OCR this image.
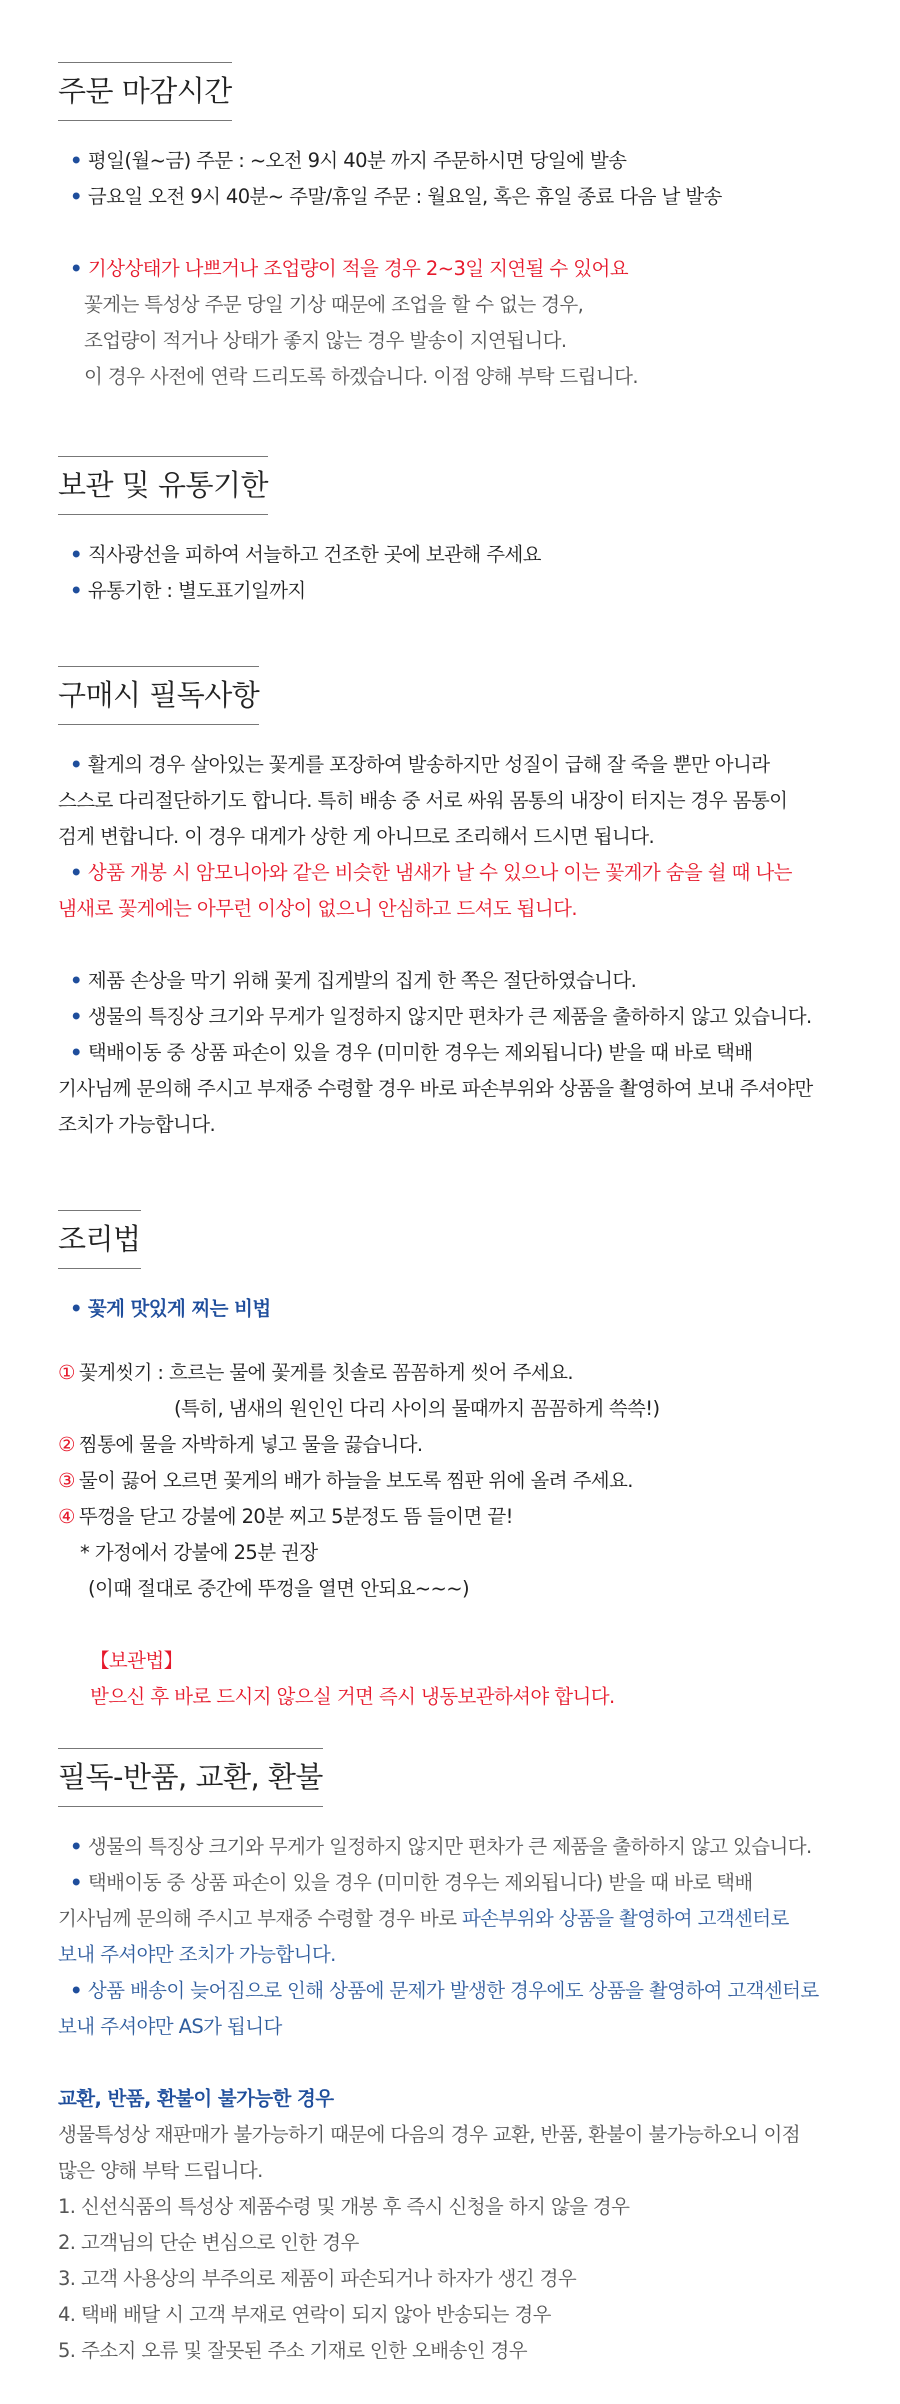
주문 마감시간
• 평일(월~금) 주문 : ~오전 9시 40분 까지 주문하시면 당일에 발송
• 금요일 오전 9시 40분~ 주말/휴일 주문 : 월요일, 혹은 휴일 종료 다음 날 발송
• 기상상태가 나쁘거나 조업량이 적을 경우 2~3일 지연될 수 있어요
꽃게는 특성상 주문 당일 기상 때문에 조업을 할 수 없는 경우,
조업량이 적거나 상태가 좋지 않는 경우 발송이 지연됩니다.
이 경우 사전에 연락 드리도록 하겠습니다. 이점 양해 부탁 드립니다.
보관 및 유통기한
• 직사광선을 피하여 서늘하고 건조한 곳에 보관해 주세요
• 유통기한 : 별도표기일까지
구매시 필독사항
• 활게의 경우 살아있는 꽃게를 포장하여 발송하지만 성질이 급해 잘 죽을 뿐만 아니라
스스로 다리절단하기도 합니다. 특히 배송 중 서로 싸워 몸통의 내장이 터지는 경우 몸통이
검게 변합니다. 이 경우 대게가 상한 게 아니므로 조리해서 드시면 됩니다.
• 상품 개봉 시 암모니아와 같은 비슷한 냄새가 날 수 있으나 이는 꽃게가 숨을 쉴 때 나는
냄새로 꽃게에는 아무런 이상이 없으니 안심하고 드셔도 됩니다.
• 제품 손상을 막기 위해 꽃게 집게발의 집게 한 쪽은 절단하였습니다.
• 생물의 특징상 크기와 무게가 일정하지 않지만 편차가 큰 제품을 출하하지 않고 있습니다.
• 택배이동 중 상품 파손이 있을 경우 (미미한 경우는 제외됩니다) 받을 때 바로 택배
기사님께 문의해 주시고 부재중 수령할 경우 바로 파손부위와 상품을 촬영하여 보내 주셔야만
조치가 가능합니다.
조리법
• 꽃게 맛있게 찌는 비법
① 꽃게씻기 : 흐르는 물에 꽃게를 칫솔로 꼼꼼하게 씻어 주세요.
(특히, 냄새의 원인인 다리 사이의 물때까지 꼼꼼하게 쓱쓱!)
② 찜통에 물을 자박하게 넣고 물을 끓습니다.
③ 물이 끓어 오르면 꽃게의 배가 하늘을 보도록 찜판 위에 올려 주세요.
④ 뚜껑을 닫고 강불에 20분 찌고 5분정도 뜸 들이면 끝!
* 가정에서 강불에 25분 권장
(이때 절대로 중간에 뚜껑을 열면 안되요~~~)
【보관법】
받으신 후 바로 드시지 않으실 거면 즉시 냉동보관하셔야 합니다.
필독-반품, 교환, 환불
• 생물의 특징상 크기와 무게가 일정하지 않지만 편차가 큰 제품을 출하하지 않고 있습니다.
• 택배이동 중 상품 파손이 있을 경우 (미미한 경우는 제외됩니다) 받을 때 바로 택배
기사님께 문의해 주시고 부재중 수령할 경우 바로 파손부위와 상품을 촬영하여 고객센터로
보내 주셔야만 조치가 가능합니다.
• 상품 배송이 늦어짐으로 인해 상품에 문제가 발생한 경우에도 상품을 촬영하여 고객센터로
보내 주셔야만 AS가 됩니다
교환, 반품, 환불이 불가능한 경우
생물특성상 재판매가 불가능하기 때문에 다음의 경우 교환, 반품, 환불이 불가능하오니 이점
많은 양해 부탁 드립니다.
1. 신선식품의 특성상 제품수령 및 개봉 후 즉시 신청을 하지 않을 경우
2. 고객님의 단순 변심으로 인한 경우
3. 고객 사용상의 부주의로 제품이 파손되거나 하자가 생긴 경우
4. 택배 배달 시 고객 부재로 연락이 되지 않아 반송되는 경우
5. 주소지 오류 및 잘못된 주소 기재로 인한 오배송인 경우
